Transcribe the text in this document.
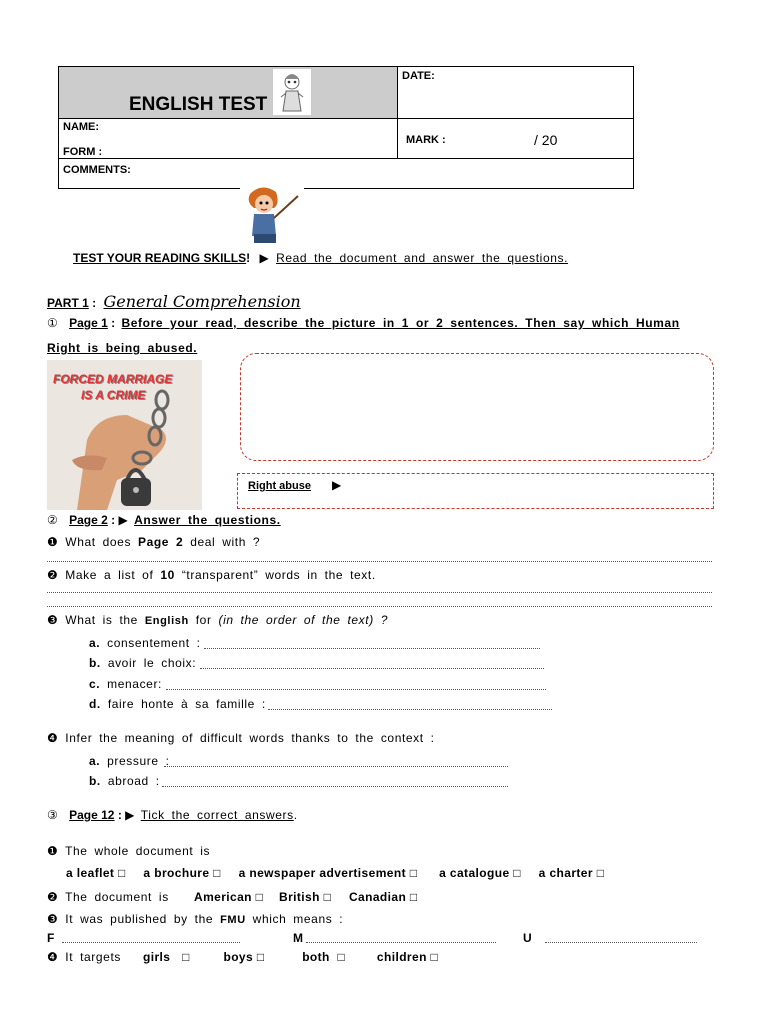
ENGLISH TEST
DATE:
NAME:
FORM :
MARK :	/ 20
COMMENTS:
TEST YOUR READING SKILLS! ▶ Read the document and answer the questions.
PART 1 : General Comprehension
① Page 1 : Before your read, describe the picture in 1 or 2 sentences. Then say which Human
Right is being abused.
FORCED MARRIAGE
IS A CRIME
Right abuse ▶
② Page 2 : ▶ Answer the questions.
❶ What does Page 2 deal with ?
❷ Make a list of 10 “transparent” words in the text.
❸ What is the English for (in the order of the text) ?
a. consentement :
b. avoir le choix:
c. menacer:
d. faire honte à sa famille :
❹ Infer the meaning of difficult words thanks to the context :
a. pressure :
b. abroad :
③ Page 12 : ▶ Tick the correct answers.
❶ The whole document is
a leaflet □ a brochure □ a newspaper advertisement □	a catalogue □ a charter □
❷ The document is American □ British □ Canadian □
❸ It was published by the FMU which means :
F	M	U
❹ It targets girls □	boys □	both □	children □
